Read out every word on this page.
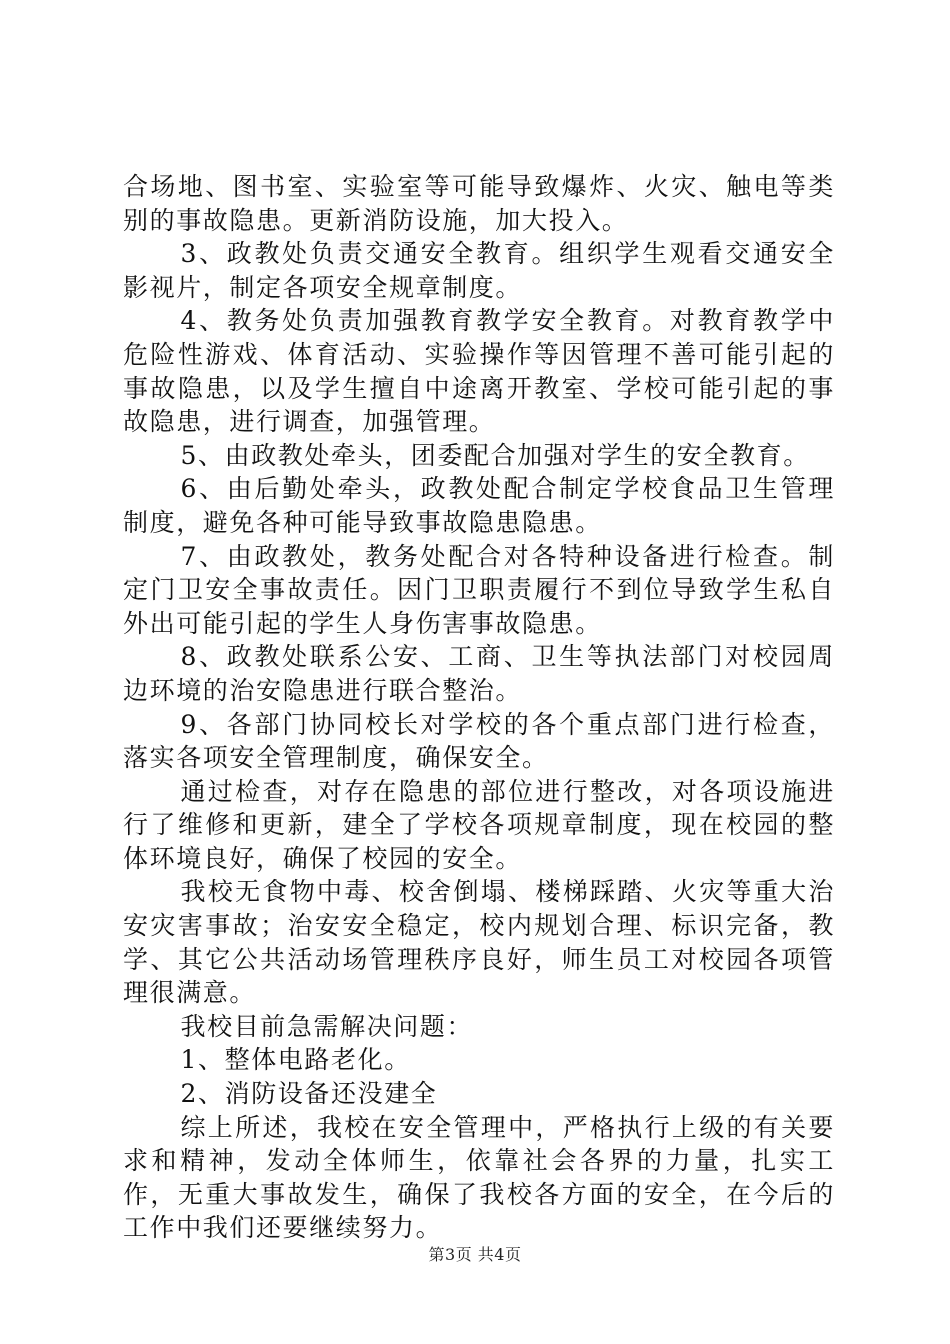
合场地、图书室、实验室等可能导致爆炸、火灾、触电等类别的事故隐患。更新消防设施，加大投入。

3、政教处负责交通安全教育。组织学生观看交通安全影视片，制定各项安全规章制度。

4、教务处负责加强教育教学安全教育。对教育教学中危险性游戏、体育活动、实验操作等因管理不善可能引起的事故隐患，以及学生擅自中途离开教室、学校可能引起的事故隐患，进行调查，加强管理。

5、由政教处牵头，团委配合加强对学生的安全教育。

6、由后勤处牵头，政教处配合制定学校食品卫生管理制度，避免各种可能导致事故隐患隐患。

7、由政教处，教务处配合对各特种设备进行检查。制定门卫安全事故责任。因门卫职责履行不到位导致学生私自外出可能引起的学生人身伤害事故隐患。

8、政教处联系公安、工商、卫生等执法部门对校园周边环境的治安隐患进行联合整治。

9、各部门协同校长对学校的各个重点部门进行检查，落实各项安全管理制度，确保安全。

通过检查，对存在隐患的部位进行整改，对各项设施进行了维修和更新，建全了学校各项规章制度，现在校园的整体环境良好，确保了校园的安全。

我校无食物中毒、校舍倒塌、楼梯踩踏、火灾等重大治安灾害事故；治安安全稳定，校内规划合理、标识完备，教学、其它公共活动场管理秩序良好，师生员工对校园各项管理很满意。

我校目前急需解决问题：

1、整体电路老化。

2、消防设备还没建全

综上所述，我校在安全管理中，严格执行上级的有关要求和精神，发动全体师生，依靠社会各界的力量，扎实工作，无重大事故发生，确保了我校各方面的安全，在今后的工作中我们还要继续努力。

第3页 共4页
